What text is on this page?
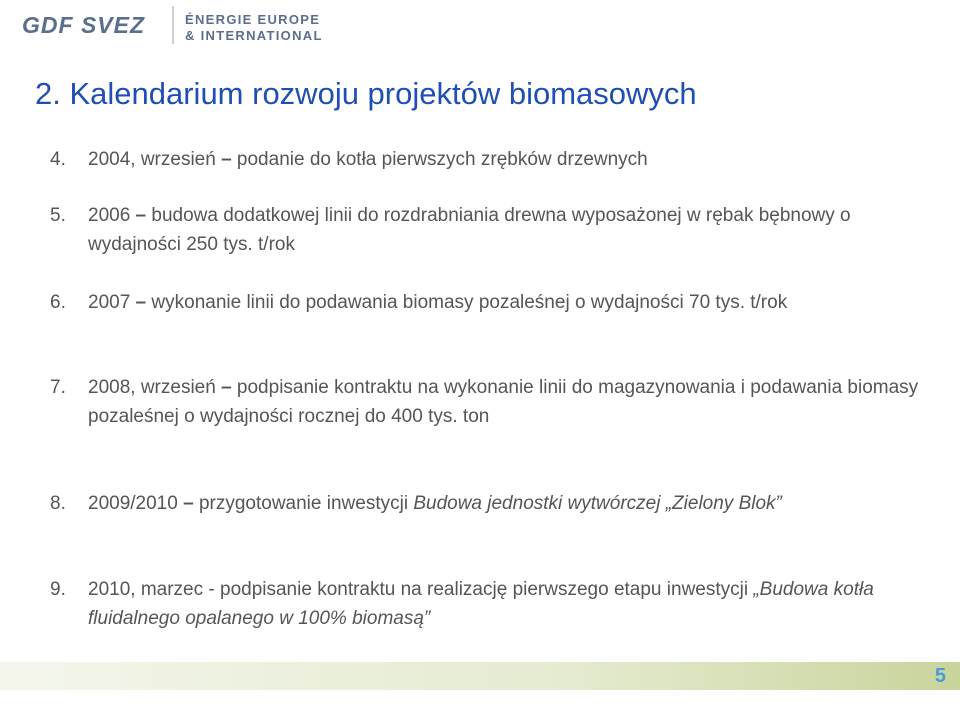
GDF SVEZ	ÉNERGIE EUROPE
& INTERNATIONAL
2. Kalendarium rozwoju projektów biomasowych
4. 2004, wrzesień – podanie do kotła pierwszych zrębków drzewnych
5. 2006 – budowa dodatkowej linii do rozdrabniania drewna wyposażonej w rębak bębnowy o wydajności 250 tys. t/rok
6. 2007 – wykonanie linii do podawania biomasy pozaleśnej o wydajności 70 tys. t/rok
7. 2008, wrzesień – podpisanie kontraktu na wykonanie linii do magazynowania i podawania biomasy pozaleśnej o wydajności rocznej do 400 tys. ton
8. 2009/2010 – przygotowanie inwestycji Budowa jednostki wytwórczej „Zielony Blok”
9. 2010, marzec - podpisanie kontraktu na realizację pierwszego etapu inwestycji „Budowa kotła fluidalnego opalanego w 100% biomasą”
5
